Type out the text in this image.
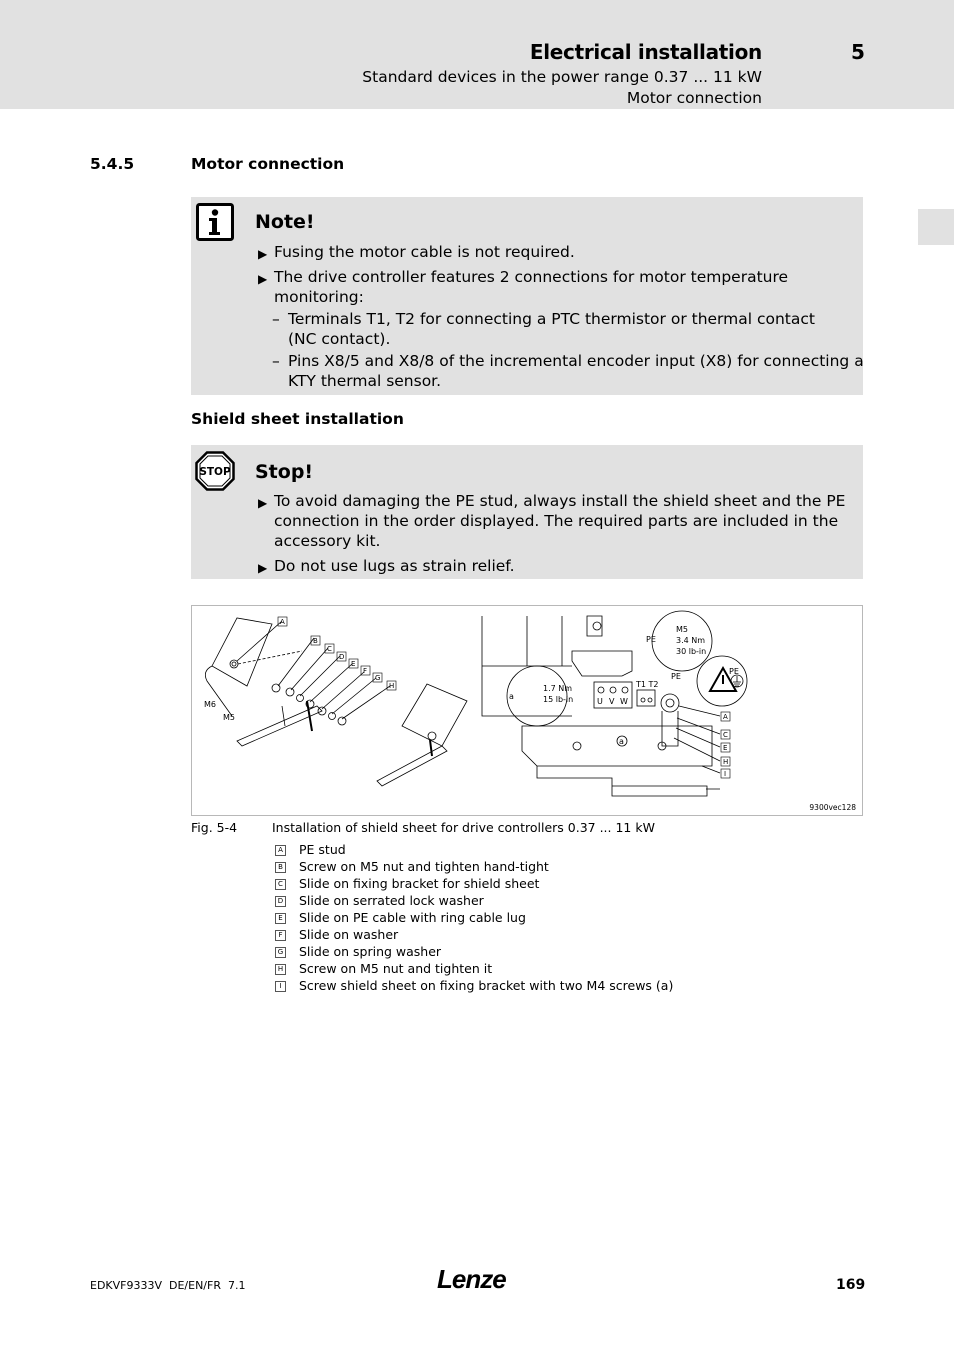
Electrical installation	5
Standard devices in the power range 0.37 ... 11 kW
Motor connection
5.4.5	Motor connection
Note!
▶ Fusing the motor cable is not required.
▶ The drive controller features 2 connections for motor temperature
monitoring:
– Terminals T1, T2 for connecting a PTC thermistor or thermal contact
(NC contact).
– Pins X8/5 and X8/8 of the incremental encoder input (X8) for connecting a
KTY thermal sensor.
Shield sheet installation
STOP Stop!
▶ To avoid damaging the PE stud, always install the shield sheet and the PE
connection in the order displayed. The required parts are included in the
accessory kit.
▶ Do not use lugs as strain relief.
A
B
C
D
E
F
G
H
A
C
E
H
I
M6
M5
1.7 Nm
15 lb-in
a
M5
3.4 Nm
30 lb-in
PE
PE
PE
T1 T2
U V W
a
9300vec128
Fig. 5-4	Installation of shield sheet for drive controllers 0.37 ... 11 kW
A PE stud
B Screw on M5 nut and tighten hand-tight
C Slide on fixing bracket for shield sheet
D Slide on serrated lock washer
E Slide on PE cable with ring cable lug
F Slide on washer
G Slide on spring washer
H Screw on M5 nut and tighten it
I	Screw shield sheet on fixing bracket with two M4 screws (a)
EDKVF9333V  DE/EN/FR  7.1	Lenze	169
